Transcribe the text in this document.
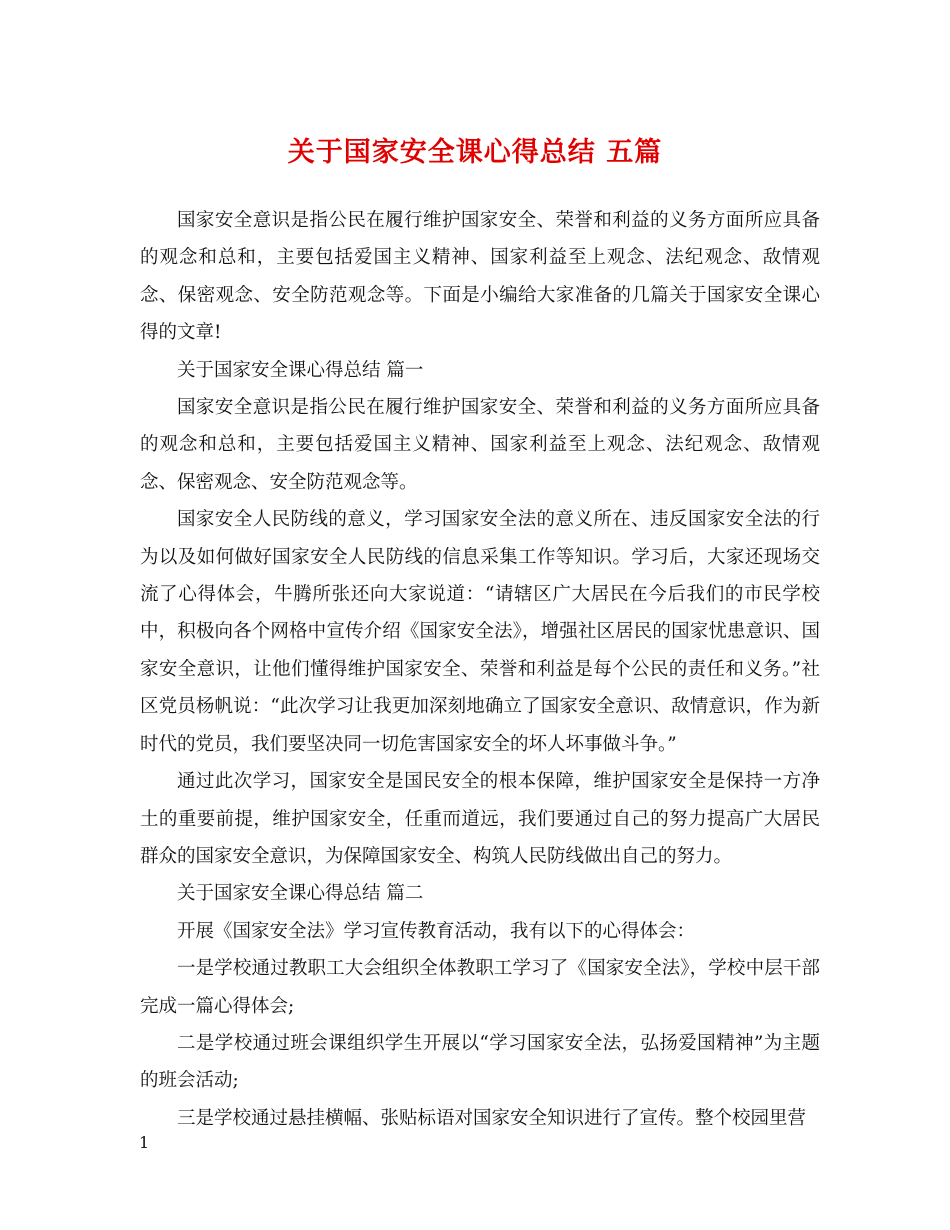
关于国家安全课心得总结 五篇

国家安全意识是指公民在履行维护国家安全、荣誉和利益的义务方面所应具备的观念和总和，主要包括爱国主义精神、国家利益至上观念、法纪观念、敌情观念、保密观念、安全防范观念等。下面是小编给大家准备的几篇关于国家安全课心得的文章!

关于国家安全课心得总结 篇一

国家安全意识是指公民在履行维护国家安全、荣誉和利益的义务方面所应具备的观念和总和，主要包括爱国主义精神、国家利益至上观念、法纪观念、敌情观念、保密观念、安全防范观念等。

国家安全人民防线的意义，学习国家安全法的意义所在、违反国家安全法的行为以及如何做好国家安全人民防线的信息采集工作等知识。学习后，大家还现场交流了心得体会，牛腾所张还向大家说道：“请辖区广大居民在今后我们的市民学校中，积极向各个网格中宣传介绍《国家安全法》，增强社区居民的国家忧患意识、国家安全意识，让他们懂得维护国家安全、荣誉和利益是每个公民的责任和义务。”社区党员杨帆说：“此次学习让我更加深刻地确立了国家安全意识、敌情意识，作为新时代的党员，我们要坚决同一切危害国家安全的坏人坏事做斗争。”

通过此次学习，国家安全是国民安全的根本保障，维护国家安全是保持一方净土的重要前提，维护国家安全，任重而道远，我们要通过自己的努力提高广大居民群众的国家安全意识，为保障国家安全、构筑人民防线做出自己的努力。

关于国家安全课心得总结 篇二

开展《国家安全法》学习宣传教育活动，我有以下的心得体会：

一是学校通过教职工大会组织全体教职工学习了《国家安全法》，学校中层干部完成一篇心得体会;

二是学校通过班会课组织学生开展以“学习国家安全法，弘扬爱国精神”为主题的班会活动;

三是学校通过悬挂横幅、张贴标语对国家安全知识进行了宣传。整个校园里营

1
